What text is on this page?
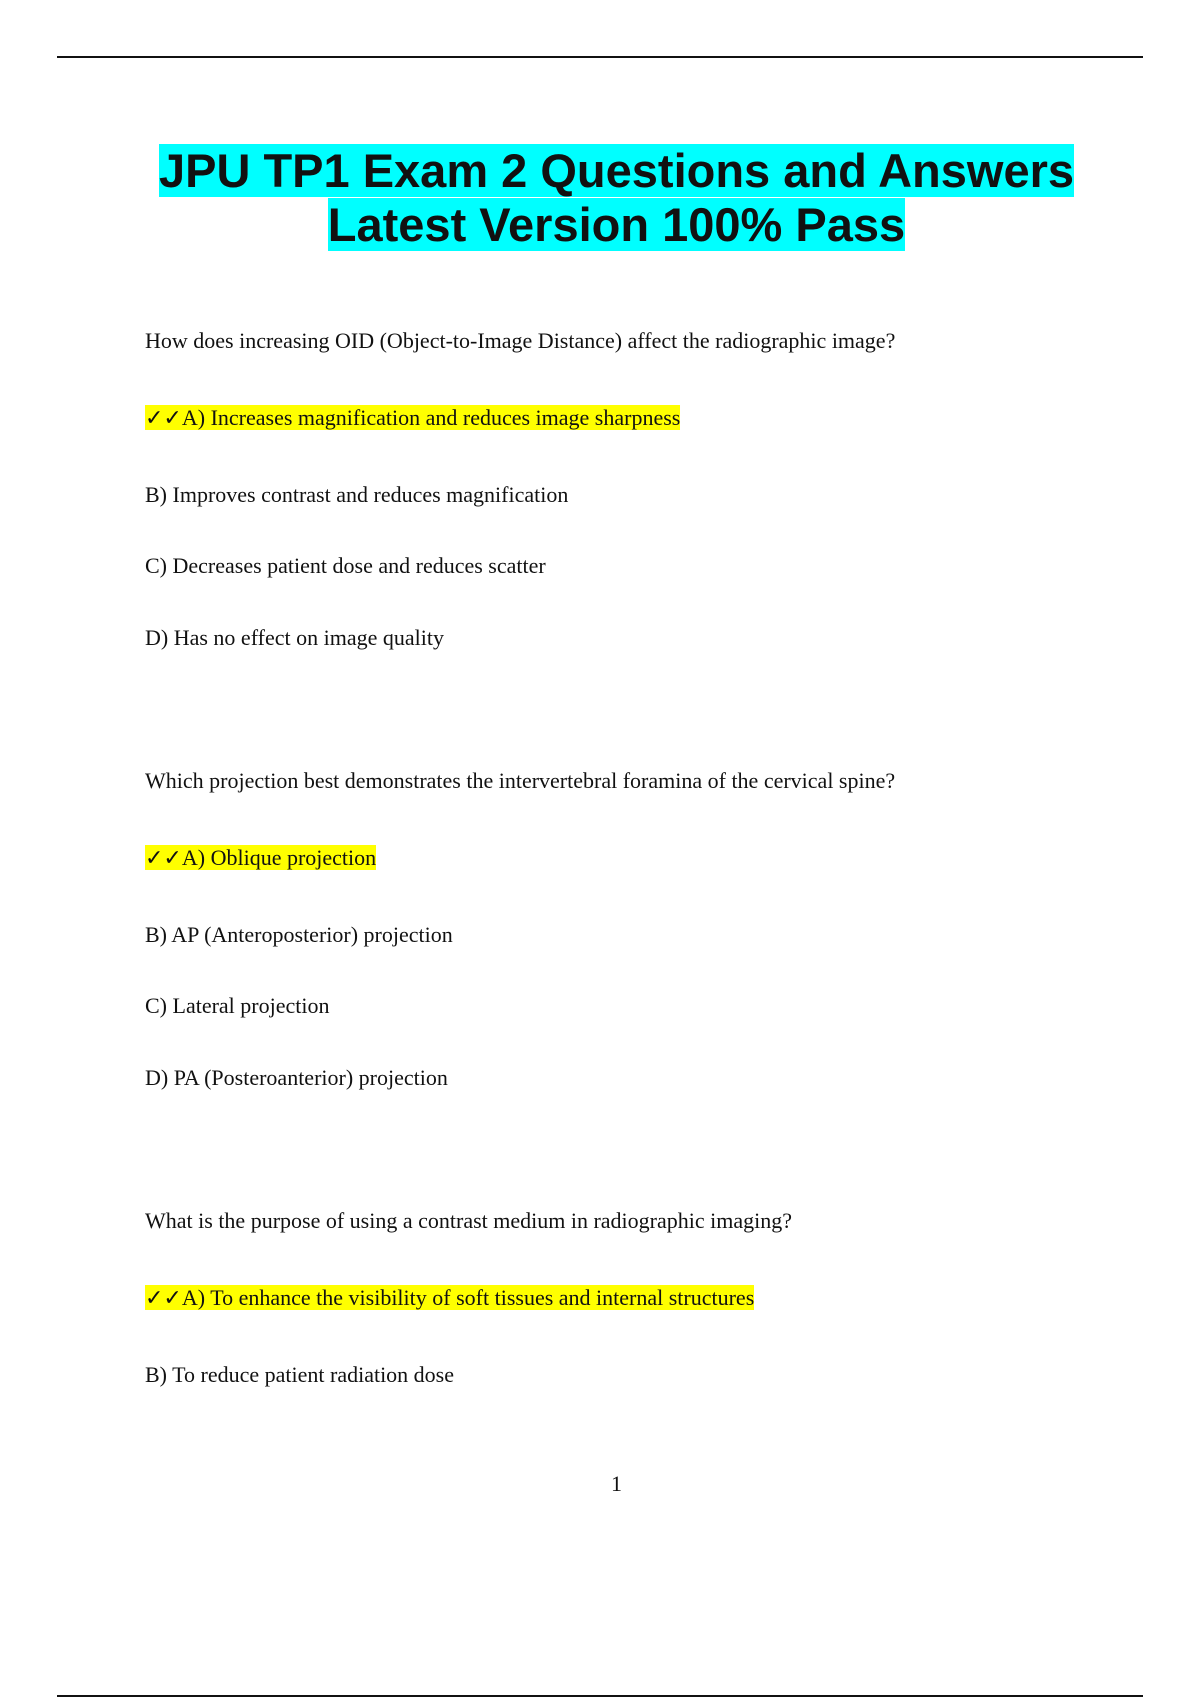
JPU TP1 Exam 2 Questions and Answers
Latest Version 100% Pass

How does increasing OID (Object-to-Image Distance) affect the radiographic image?

✓✓A) Increases magnification and reduces image sharpness

B) Improves contrast and reduces magnification

C) Decreases patient dose and reduces scatter

D) Has no effect on image quality

Which projection best demonstrates the intervertebral foramina of the cervical spine?

✓✓A) Oblique projection

B) AP (Anteroposterior) projection

C) Lateral projection

D) PA (Posteroanterior) projection

What is the purpose of using a contrast medium in radiographic imaging?

✓✓A) To enhance the visibility of soft tissues and internal structures

B) To reduce patient radiation dose

1
